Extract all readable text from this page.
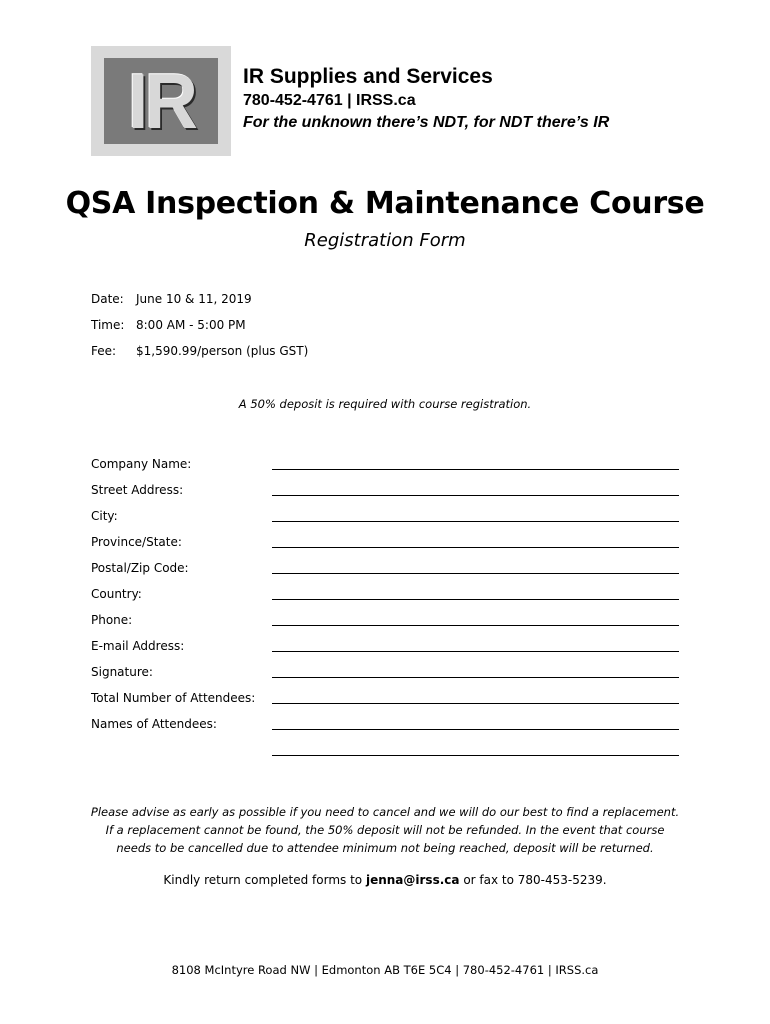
IR IR Supplies and Services
780-452-4761 | IRSS.ca
For the unknown there’s NDT, for NDT there’s IR
QSA Inspection & Maintenance Course
Registration Form
Date:	June 10 & 11, 2019
Time: 8:00 AM - 5:00 PM
Fee:	$1,590.99/person (plus GST)
A 50% deposit is required with course registration.
Company Name:
Street Address:
City:
Province/State:
Postal/Zip Code:
Country:
Phone:
E-mail Address:
Signature:
Total Number of Attendees:
Names of Attendees:
Please advise as early as possible if you need to cancel and we will do our best to find a replacement. If a replacement cannot be found, the 50% deposit will not be refunded. In the event that course needs to be cancelled due to attendee minimum not being reached, deposit will be returned.
Kindly return completed forms to jenna@irss.ca or fax to 780-453-5239.
8108 McIntyre Road NW | Edmonton AB T6E 5C4 | 780-452-4761 | IRSS.ca
